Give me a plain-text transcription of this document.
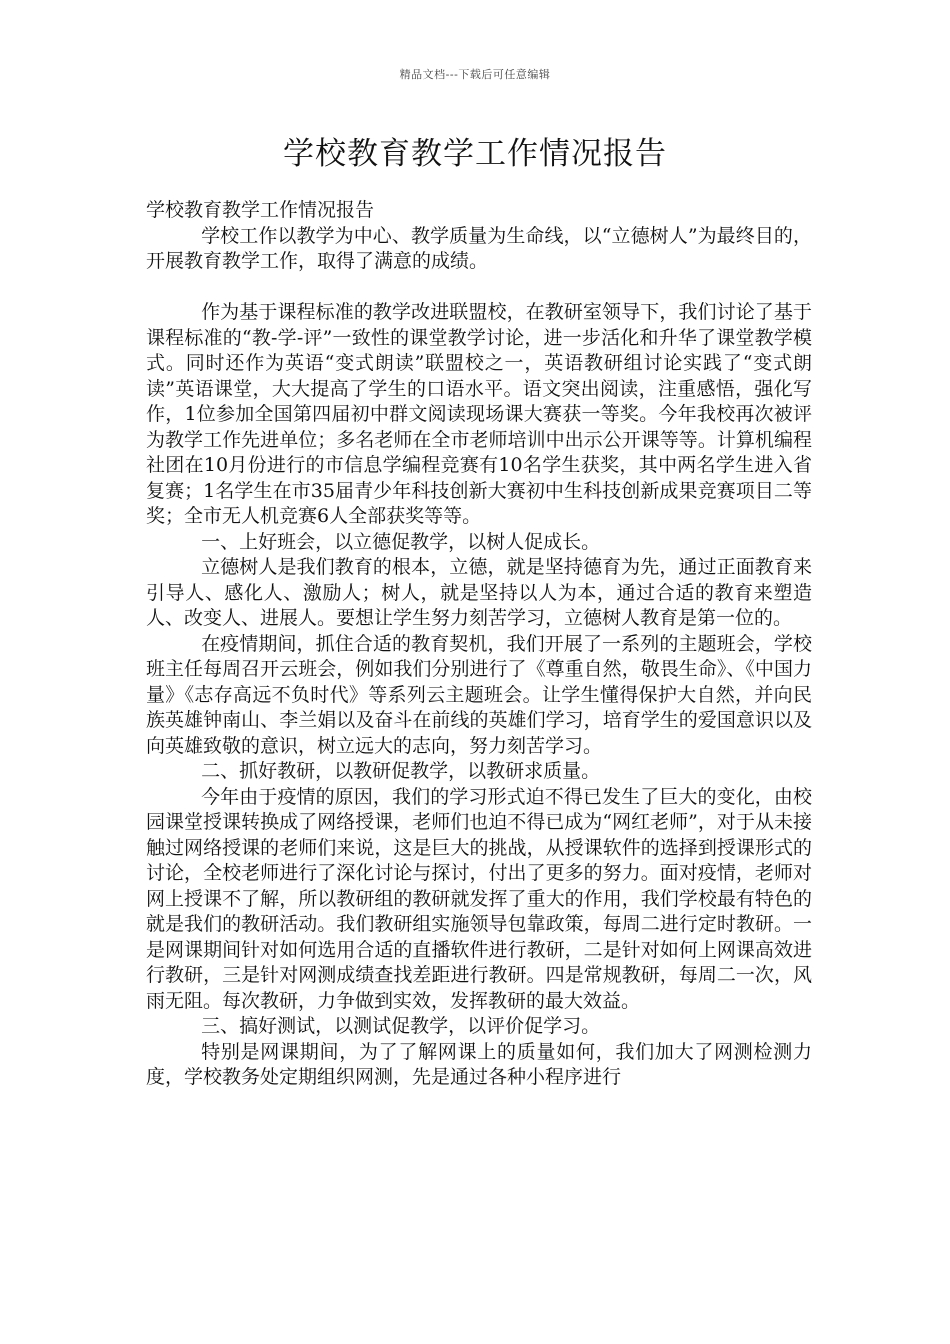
精品文档---下载后可任意编辑
学校教育教学工作情况报告

学校教育教学工作情况报告

学校工作以教学为中心、教学质量为生命线，以“立德树人”为最终目的，开展教育教学工作，取得了满意的成绩。

作为基于课程标准的教学改进联盟校，在教研室领导下，我们讨论了基于课程标准的“教-学-评”一致性的课堂教学讨论，进一步活化和升华了课堂教学模式。同时还作为英语“变式朗读”联盟校之一，英语教研组讨论实践了“变式朗读”英语课堂，大大提高了学生的口语水平。语文突出阅读，注重感悟，强化写作，1位参加全国第四届初中群文阅读现场课大赛获一等奖。今年我校再次被评为教学工作先进单位；多名老师在全市老师培训中出示公开课等等。计算机编程社团在10月份进行的市信息学编程竞赛有10名学生获奖，其中两名学生进入省复赛；1名学生在市35届青少年科技创新大赛初中生科技创新成果竞赛项目二等奖；全市无人机竞赛6人全部获奖等等。

一、上好班会，以立德促教学，以树人促成长。

立德树人是我们教育的根本，立德，就是坚持德育为先，通过正面教育来引导人、感化人、激励人；树人，就是坚持以人为本，通过合适的教育来塑造人、改变人、进展人。要想让学生努力刻苦学习，立德树人教育是第一位的。

在疫情期间，抓住合适的教育契机，我们开展了一系列的主题班会，学校班主任每周召开云班会，例如我们分别进行了《尊重自然，敬畏生命》、《中国力量》《志存高远不负时代》等系列云主题班会。让学生懂得保护大自然，并向民族英雄钟南山、李兰娟以及奋斗在前线的英雄们学习，培育学生的爱国意识以及向英雄致敬的意识，树立远大的志向，努力刻苦学习。

二、抓好教研，以教研促教学，以教研求质量。

今年由于疫情的原因，我们的学习形式迫不得已发生了巨大的变化，由校园课堂授课转换成了网络授课，老师们也迫不得已成为“网红老师”，对于从未接触过网络授课的老师们来说，这是巨大的挑战，从授课软件的选择到授课形式的讨论，全校老师进行了深化讨论与探讨，付出了更多的努力。面对疫情，老师对网上授课不了解，所以教研组的教研就发挥了重大的作用，我们学校最有特色的就是我们的教研活动。我们教研组实施领导包靠政策，每周二进行定时教研。一是网课期间针对如何选用合适的直播软件进行教研，二是针对如何上网课高效进行教研，三是针对网测成绩查找差距进行教研。四是常规教研，每周二一次，风雨无阻。每次教研，力争做到实效，发挥教研的最大效益。

三、搞好测试，以测试促教学，以评价促学习。

特别是网课期间，为了了解网课上的质量如何，我们加大了网测检测力度，学校教务处定期组织网测，先是通过各种小程序进行
